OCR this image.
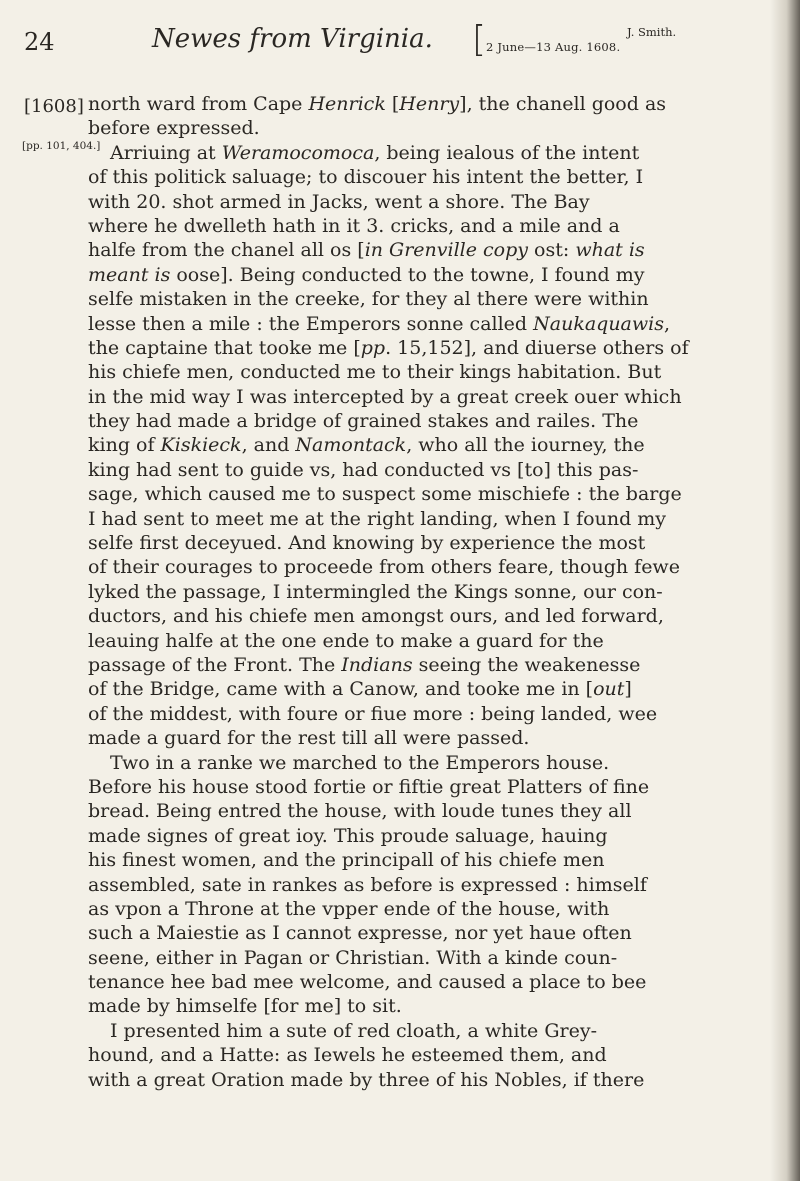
24	Newes from Virginia. [ 2 June—13 Aug. 1608.
J. Smith.
[1608]
[pp. 101, 404.]
north ward from Cape Henrick [Henry], the chanell good as
before expressed.
Arriuing at Weramocomoca, being iealous of the intent
of this politick saluage; to discouer his intent the better, I
with 20. shot armed in Jacks, went a shore. The Bay
where he dwelleth hath in it 3. cricks, and a mile and a
halfe from the chanel all os [in Grenville copy ost: what is
meant is oose]. Being conducted to the towne, I found my
selfe mistaken in the creeke, for they al there were within
lesse then a mile : the Emperors sonne called Naukaquawis,
the captaine that tooke me [pp. 15,152], and diuerse others of
his chiefe men, conducted me to their kings habitation. But
in the mid way I was intercepted by a great creek ouer which
they had made a bridge of grained stakes and railes. The
king of Kiskieck, and Namontack, who all the iourney, the
king had sent to guide vs, had conducted vs [to] this pas-
sage, which caused me to suspect some mischiefe : the barge
I had sent to meet me at the right landing, when I found my
selfe first deceyued. And knowing by experience the most
of their courages to proceede from others feare, though fewe
lyked the passage, I intermingled the Kings sonne, our con-
ductors, and his chiefe men amongst ours, and led forward,
leauing halfe at the one ende to make a guard for the
passage of the Front. The Indians seeing the weakenesse
of the Bridge, came with a Canow, and tooke me in [out]
of the middest, with foure or fiue more : being landed, wee
made a guard for the rest till all were passed.
Two in a ranke we marched to the Emperors house.
Before his house stood fortie or fiftie great Platters of fine
bread. Being entred the house, with loude tunes they all
made signes of great ioy. This proude saluage, hauing
his finest women, and the principall of his chiefe men
assembled, sate in rankes as before is expressed : himself
as vpon a Throne at the vpper ende of the house, with
such a Maiestie as I cannot expresse, nor yet haue often
seene, either in Pagan or Christian. With a kinde coun-
tenance hee bad mee welcome, and caused a place to bee
made by himselfe [for me] to sit.
I presented him a sute of red cloath, a white Grey-
hound, and a Hatte: as Iewels he esteemed them, and
with a great Oration made by three of his Nobles, if there
